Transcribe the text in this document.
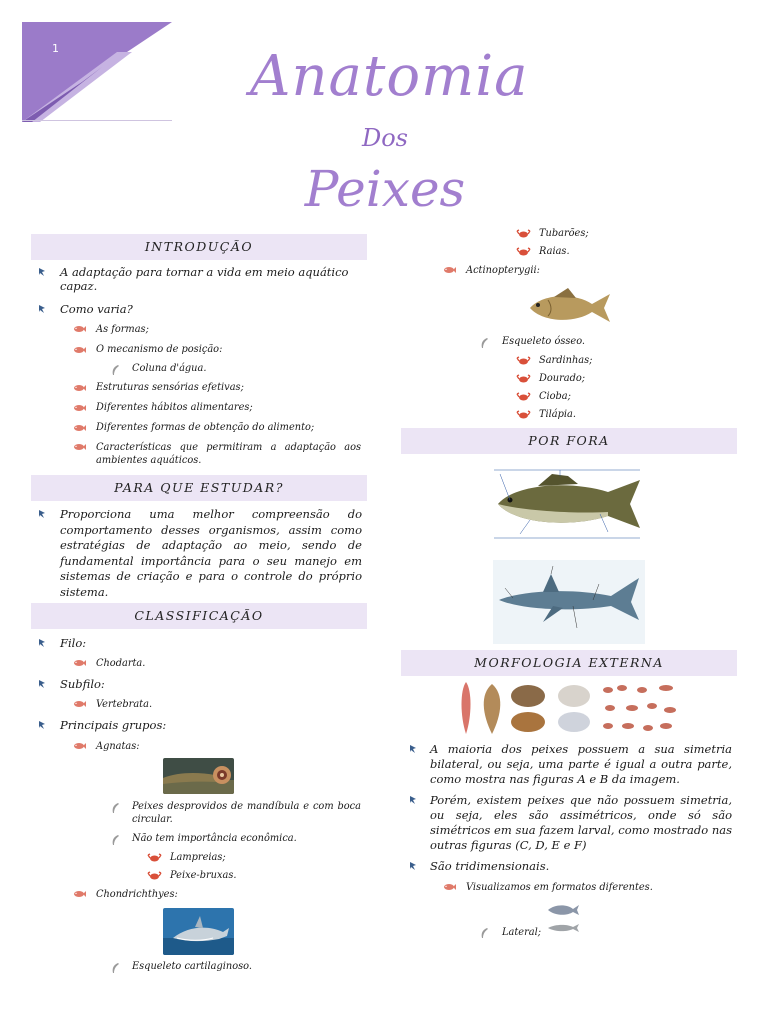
1	Anatomia
Dos
Peixes
INTRODUÇÃO
A adaptação para tornar a vida em meio aquático capaz.
Como varia?
As formas;
O mecanismo de posição:
Coluna d'água.
Estruturas sensórias efetivas;
Diferentes hábitos alimentares;
Diferentes formas de obtenção do alimento;
Características que permitiram a adaptação aos ambientes aquáticos.
PARA QUE ESTUDAR?
Proporciona uma melhor compreensão do comportamento desses organismos, assim como estratégias de adaptação ao meio, sendo de fundamental importância para o seu manejo em sistemas de criação e para o controle do próprio sistema.
CLASSIFICAÇÃO
Filo:
Chodarta.
Subfilo:
Vertebrata.
Principais grupos:
Agnatas:
Peixes desprovidos de mandíbula e com boca circular.
Não tem importância econômica.
Lampreias;
Peixe-bruxas.
Chondrichthyes:
Esqueleto cartilaginoso.
Tubarões;
Raias.
Actinopterygii:
Esqueleto ósseo.
Sardinhas;
Dourado;
Cioba;
Tilápia.
POR FORA
MORFOLOGIA EXTERNA
A maioria dos peixes possuem a sua simetria bilateral, ou seja, uma parte é igual a outra parte, como mostra nas figuras A e B da imagem.
Porém, existem peixes que não possuem simetria, ou seja, eles são assimétricos, onde só são simétricos em sua fazem larval, como mostrado nas outras figuras (C, D, E e F)
São tridimensionais.
Visualizamos em formatos diferentes.
Lateral;
